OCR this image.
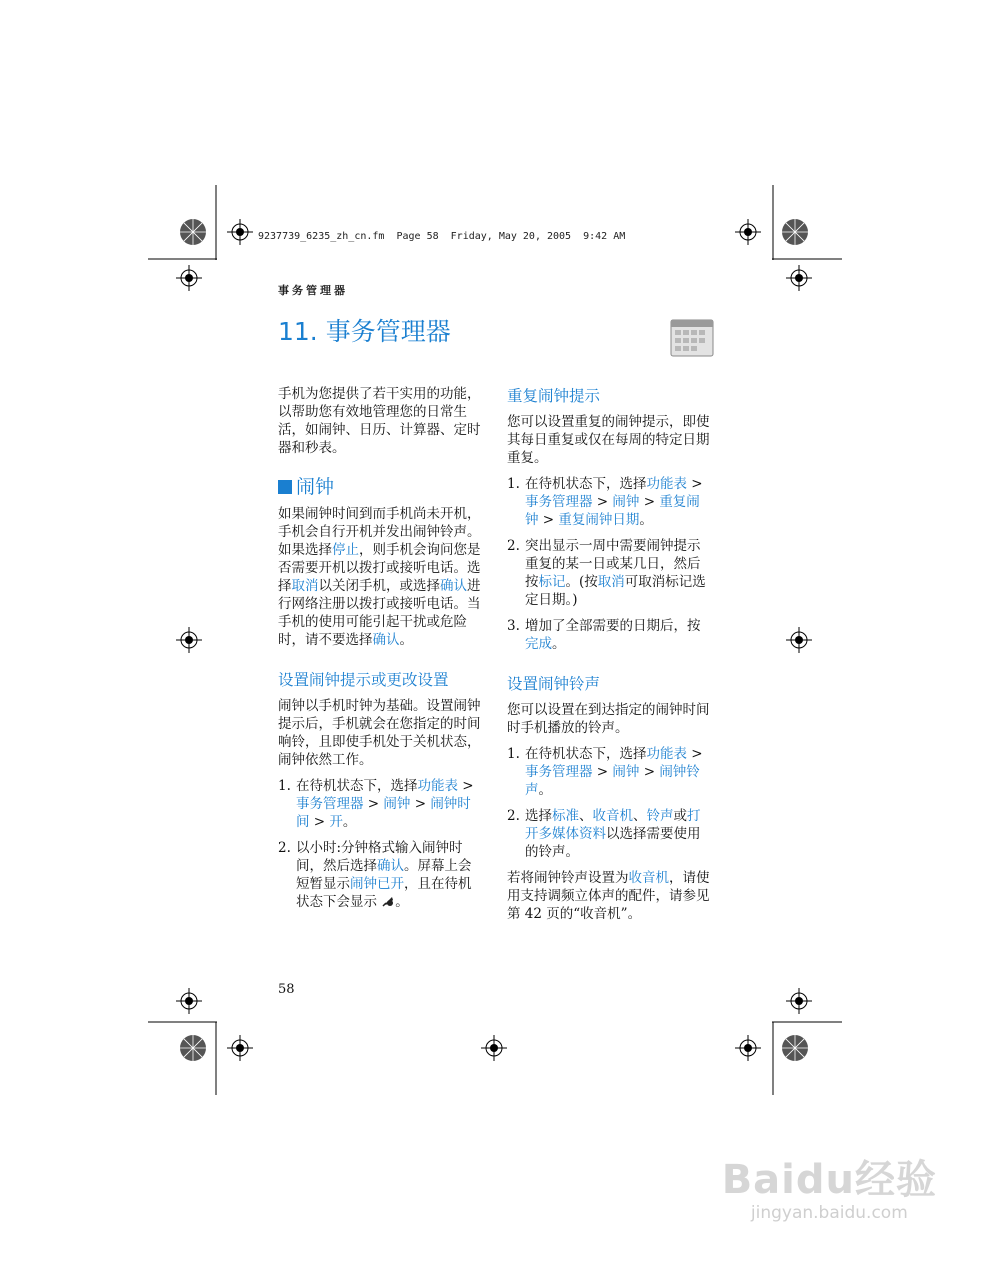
9237739_6235_zh_cn.fm  Page 58  Friday, May 20, 2005  9:42 AM
事务管理器
11. 事务管理器

手机为您提供了若干实用的功能，以帮助您有效地管理您的日常生活，如闹钟、日历、计算器、定时器和秒表。

闹钟

如果闹钟时间到而手机尚未开机，手机会自行开机并发出闹钟铃声。如果选择停止，则手机会询问您是否需要开机以拨打或接听电话。选择取消以关闭手机，或选择确认进行网络注册以拨打或接听电话。当手机的使用可能引起干扰或危险时，请不要选择确认。

设置闹钟提示或更改设置

闹钟以手机时钟为基础。设置闹钟提示后，手机就会在您指定的时间响铃，且即使手机处于关机状态，闹钟依然工作。

1. 在待机状态下，选择功能表 > 事务管理器 > 闹钟 > 闹钟时间 > 开。
2. 以小时:分钟格式输入闹钟时间，然后选择确认。屏幕上会短暂显示闹钟已开，且在待机状态下会显示 。
重复闹钟提示

您可以设置重复的闹钟提示，即使其每日重复或仅在每周的特定日期重复。

1. 在待机状态下，选择功能表 > 事务管理器 > 闹钟 > 重复闹钟 > 重复闹钟日期。
2. 突出显示一周中需要闹钟提示重复的某一日或某几日，然后按标记。(按取消可取消标记选定日期。)
3. 增加了全部需要的日期后，按完成。
设置闹钟铃声

您可以设置在到达指定的闹钟时间时手机播放的铃声。

1. 在待机状态下，选择功能表 > 事务管理器 > 闹钟 > 闹钟铃声。
2. 选择标准、收音机、铃声或打开多媒体资料以选择需要使用的铃声。

若将闹钟铃声设置为收音机，请使用支持调频立体声的配件，请参见第 42 页的“收音机”。

58
Baidu经验
jingyan.baidu.com
